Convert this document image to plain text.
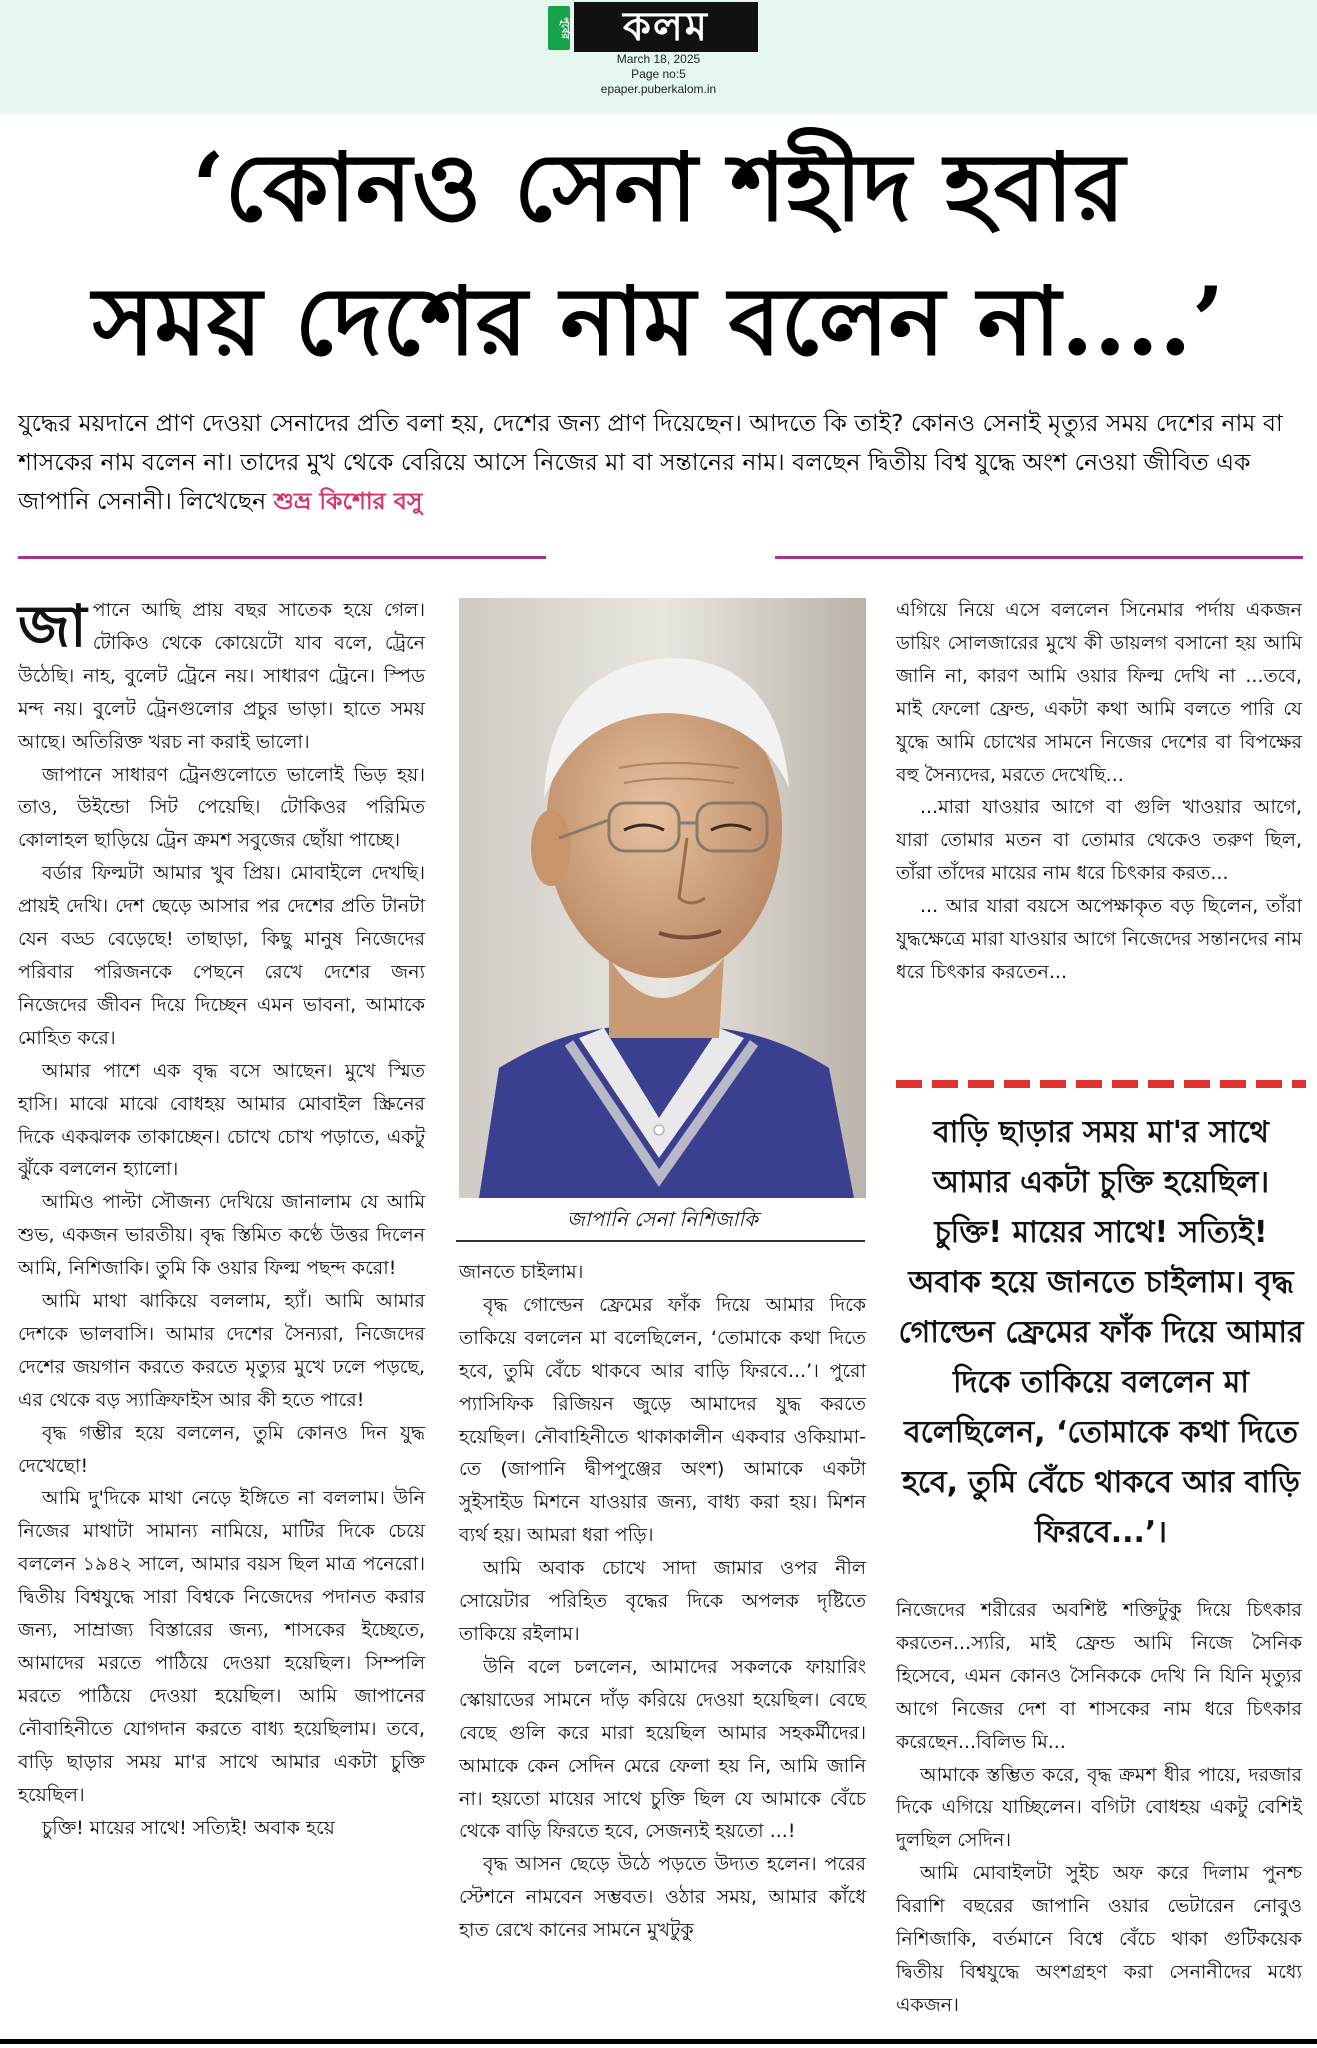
পূর্বের	কলম
March 18, 2025
Page no:5
epaper.puberkalom.in
‘কোনও সেনা শহীদ হবার
সময় দেশের নাম বলেন না....’
যুদ্ধের ময়দানে প্রাণ দেওয়া সেনাদের প্রতি বলা হয়, দেশের জন্য প্রাণ দিয়েছেন। আদতে কি তাই? কোনও সেনাই মৃত্যুর সময় দেশের নাম বা শাসকের নাম বলেন না। তাদের মুখ থেকে বেরিয়ে আসে নিজের মা বা সন্তানের নাম। বলছেন দ্বিতীয় বিশ্ব যুদ্ধে অংশ নেওয়া জীবিত এক জাপানি সেনানী। লিখেছেন শুভ্র কিশোর বসু

জাপানে আছি প্রায় বছর সাতেক হয়ে গেল। টোকিও থেকে কোয়েটো যাব বলে, ট্রেনে উঠেছি। নাহ, বুলেট ট্রেনে নয়। সাধারণ ট্রেনে। স্পিড মন্দ নয়। বুলেট ট্রেনগুলোর প্রচুর ভাড়া। হাতে সময় আছে। অতিরিক্ত খরচ না করাই ভালো।

জাপানে সাধারণ ট্রেনগুলোতে ভালোই ভিড় হয়। তাও, উইন্ডো সিট পেয়েছি। টোকিওর পরিমিত কোলাহল ছাড়িয়ে ট্রেন ক্রমশ সবুজের ছোঁয়া পাচ্ছে।

বর্ডার ফিল্মটা আমার খুব প্রিয়। মোবাইলে দেখছি। প্রায়ই দেখি। দেশ ছেড়ে আসার পর দেশের প্রতি টানটা যেন বড্ড বেড়েছে! তাছাড়া, কিছু মানুষ নিজেদের পরিবার পরিজনকে পেছনে রেখে দেশের জন্য নিজেদের জীবন দিয়ে দিচ্ছেন এমন ভাবনা, আমাকে মোহিত করে।

আমার পাশে এক বৃদ্ধ বসে আছেন। মুখে স্মিত হাসি। মাঝে মাঝে বোধহয় আমার মোবাইল স্ক্রিনের দিকে একঝলক তাকাচ্ছেন। চোখে চোখ পড়াতে, একটু ঝুঁকে বললেন হ্যালো।

আমিও পাল্টা সৌজন্য দেখিয়ে জানালাম যে আমি শুভ, একজন ভারতীয়। বৃদ্ধ স্তিমিত কণ্ঠে উত্তর দিলেন আমি, নিশিজাকি। তুমি কি ওয়ার ফিল্ম পছন্দ করো!

আমি মাথা ঝাকিয়ে বললাম, হ্যাঁ। আমি আমার দেশকে ভালবাসি। আমার দেশের সৈন্যরা, নিজেদের দেশের জয়গান করতে করতে মৃত্যুর মুখে ঢলে পড়ছে, এর থেকে বড় স্যাক্রিফাইস আর কী হতে পারে!

বৃদ্ধ গম্ভীর হয়ে বললেন, তুমি কোনও দিন যুদ্ধ দেখেছো!

আমি দু'দিকে মাথা নেড়ে ইঙ্গিতে না বললাম। উনি নিজের মাথাটা সামান্য নামিয়ে, মাটির দিকে চেয়ে বললেন ১৯৪২ সালে, আমার বয়স ছিল মাত্র পনেরো। দ্বিতীয় বিশ্বযুদ্ধে সারা বিশ্বকে নিজেদের পদানত করার জন্য, সাম্রাজ্য বিস্তারের জন্য, শাসকের ইচ্ছেতে, আমাদের মরতে পাঠিয়ে দেওয়া হয়েছিল। সিম্পলি মরতে পাঠিয়ে দেওয়া হয়েছিল। আমি জাপানের নৌবাহিনীতে যোগদান করতে বাধ্য হয়েছিলাম। তবে, বাড়ি ছাড়ার সময় মা'র সাথে আমার একটা চুক্তি হয়েছিল।

চুক্তি! মায়ের সাথে! সত্যিই! অবাক হয়ে

জাপানি সেনা নিশিজাকি

জানতে চাইলাম।

বৃদ্ধ গোল্ডেন ফ্রেমের ফাঁক দিয়ে আমার দিকে তাকিয়ে বললেন মা বলেছিলেন, ‘তোমাকে কথা দিতে হবে, তুমি বেঁচে থাকবে আর বাড়ি ফিরবে...’। পুরো প্যাসিফিক রিজিয়ন জুড়ে আমাদের যুদ্ধ করতে হয়েছিল। নৌবাহিনীতে থাকাকালীন একবার ওকিয়ামা-তে (জাপানি দ্বীপপুঞ্জের অংশ) আমাকে একটা সুইসাইড মিশনে যাওয়ার জন্য, বাধ্য করা হয়। মিশন ব্যর্থ হয়। আমরা ধরা পড়ি।

আমি অবাক চোখে সাদা জামার ওপর নীল সোয়েটার পরিহিত বৃদ্ধের দিকে অপলক দৃষ্টিতে তাকিয়ে রইলাম।

উনি বলে চললেন, আমাদের সকলকে ফায়ারিং স্কোয়াডের সামনে দাঁড় করিয়ে দেওয়া হয়েছিল। বেছে বেছে গুলি করে মারা হয়েছিল আমার সহকর্মীদের। আমাকে কেন সেদিন মেরে ফেলা হয় নি, আমি জানি না। হয়তো মায়ের সাথে চুক্তি ছিল যে আমাকে বেঁচে থেকে বাড়ি ফিরতে হবে, সেজন্যই হয়তো ...!

বৃদ্ধ আসন ছেড়ে উঠে পড়তে উদ্যত হলেন। পরের স্টেশনে নামবেন সম্ভবত। ওঠার সময়, আমার কাঁধে হাত রেখে কানের সামনে মুখটুকু

এগিয়ে নিয়ে এসে বললেন সিনেমার পর্দায় একজন ডায়িং সোলজারের মুখে কী ডায়লগ বসানো হয় আমি জানি না, কারণ আমি ওয়ার ফিল্ম দেখি না ...তবে, মাই ফেলো ফ্রেন্ড, একটা কথা আমি বলতে পারি যে যুদ্ধে আমি চোখের সামনে নিজের দেশের বা বিপক্ষের বহু সৈন্যদের, মরতে দেখেছি...

...মারা যাওয়ার আগে বা গুলি খাওয়ার আগে, যারা তোমার মতন বা তোমার থেকেও তরুণ ছিল, তাঁরা তাঁদের মায়ের নাম ধরে চিৎকার করত...

... আর যারা বয়সে অপেক্ষাকৃত বড় ছিলেন, তাঁরা যুদ্ধক্ষেত্রে মারা যাওয়ার আগে নিজেদের সন্তানদের নাম ধরে চিৎকার করতেন...

বাড়ি ছাড়ার সময় মা'র সাথে আমার একটা চুক্তি হয়েছিল। চুক্তি! মায়ের সাথে! সত্যিই! অবাক হয়ে জানতে চাইলাম। বৃদ্ধ গোল্ডেন ফ্রেমের ফাঁক দিয়ে আমার দিকে তাকিয়ে বললেন মা বলেছিলেন, ‘তোমাকে কথা দিতে হবে, তুমি বেঁচে থাকবে আর বাড়ি ফিরবে...’।

নিজেদের শরীরের অবশিষ্ট শক্তিটুকু দিয়ে চিৎকার করতেন...স্যরি, মাই ফ্রেন্ড আমি নিজে সৈনিক হিসেবে, এমন কোনও সৈনিককে দেখি নি যিনি মৃত্যুর আগে নিজের দেশ বা শাসকের নাম ধরে চিৎকার করেছেন...বিলিভ মি...

আমাকে স্তম্ভিত করে, বৃদ্ধ ক্রমশ ধীর পায়ে, দরজার দিকে এগিয়ে যাচ্ছিলেন। বগিটা বোধহয় একটু বেশিই দুলছিল সেদিন।

আমি মোবাইলটা সুইচ অফ করে দিলাম পুনশ্চ বিরাশি বছরের জাপানি ওয়ার ভেটারেন নোবুও নিশিজাকি, বর্তমানে বিশ্বে বেঁচে থাকা গুটিকয়েক দ্বিতীয় বিশ্বযুদ্ধে অংশগ্রহণ করা সেনানীদের মধ্যে একজন।
